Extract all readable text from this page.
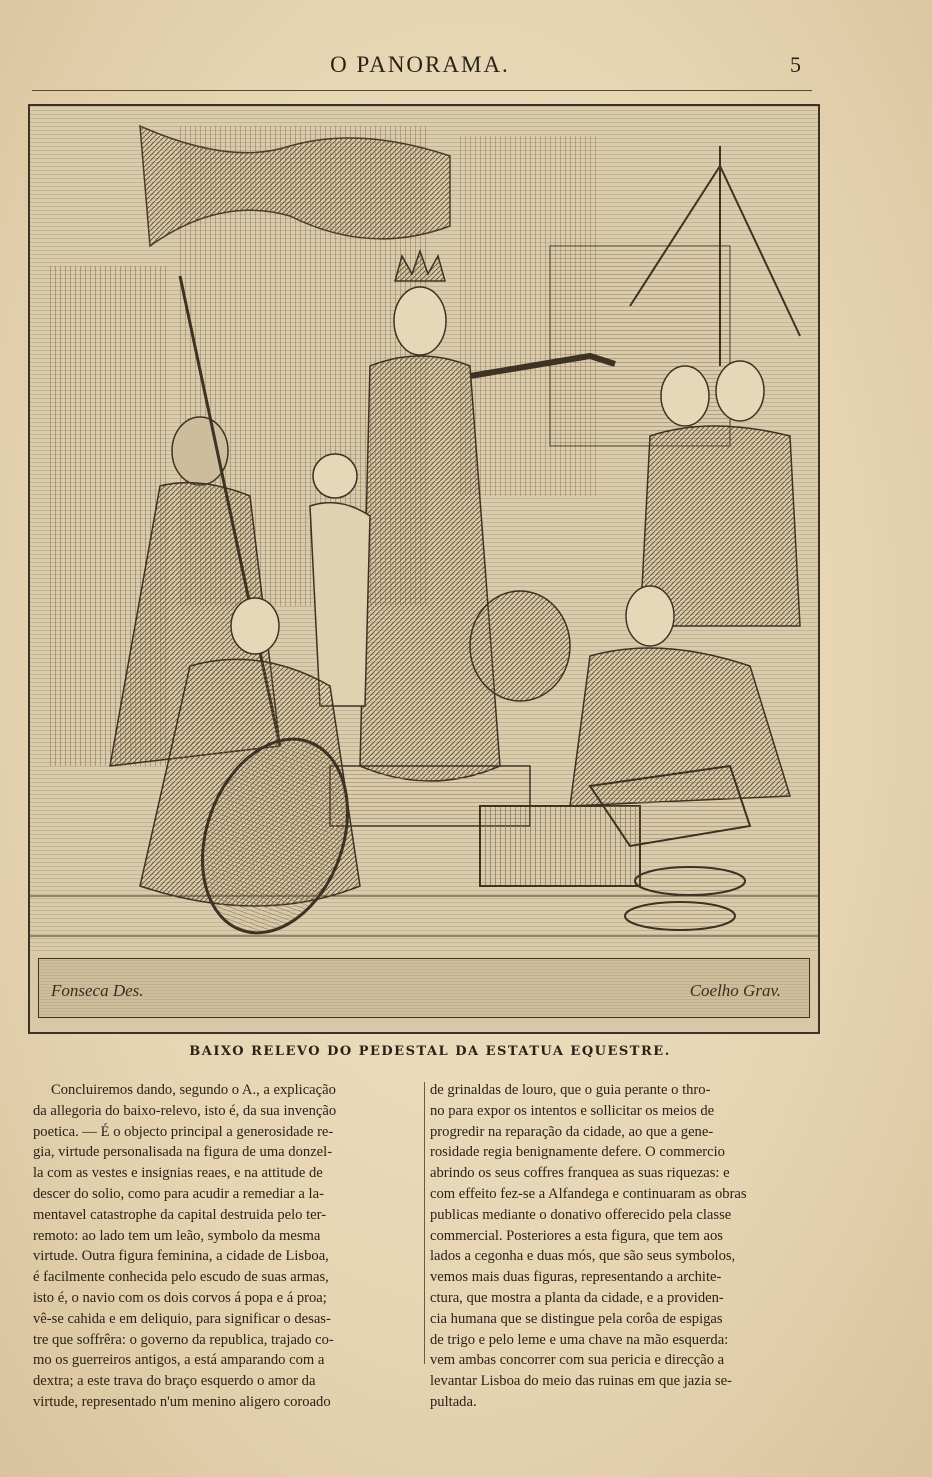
O PANORAMA.	5
Fonseca Des.	Coelho Grav.
BAIXO RELEVO DO PEDESTAL DA ESTATUA EQUESTRE.
Concluiremos dando, segundo o A., a explicação
da allegoria do baixo-relevo, isto é, da sua invenção
poetica. — É o objecto principal a generosidade re-
gia, virtude personalisada na figura de uma donzel-
la com as vestes e insignias reaes, e na attitude de
descer do solio, como para acudir a remediar a la-
mentavel catastrophe da capital destruida pelo ter-
remoto: ao lado tem um leão, symbolo da mesma
virtude. Outra figura feminina, a cidade de Lisboa,
é facilmente conhecida pelo escudo de suas armas,
isto é, o navio com os dois corvos á popa e á proa;
vê-se cahida e em deliquio, para significar o desas-
tre que soffrêra: o governo da republica, trajado co-
mo os guerreiros antigos, a está amparando com a
dextra; a este trava do braço esquerdo o amor da
virtude, representado n'um menino aligero coroado
de grinaldas de louro, que o guia perante o thro-
no para expor os intentos e sollicitar os meios de
progredir na reparação da cidade, ao que a gene-
rosidade regia benignamente defere. O commercio
abrindo os seus coffres franquea as suas riquezas: e
com effeito fez-se a Alfandega e continuaram as obras
publicas mediante o donativo offerecido pela classe
commercial. Posteriores a esta figura, que tem aos
lados a cegonha e duas mós, que são seus symbolos,
vemos mais duas figuras, representando a archite-
ctura, que mostra a planta da cidade, e a providen-
cia humana que se distingue pela corôa de espigas
de trigo e pelo leme e uma chave na mão esquerda:
vem ambas concorrer com sua pericia e direcção a
levantar Lisboa do meio das ruinas em que jazia se-
pultada.
